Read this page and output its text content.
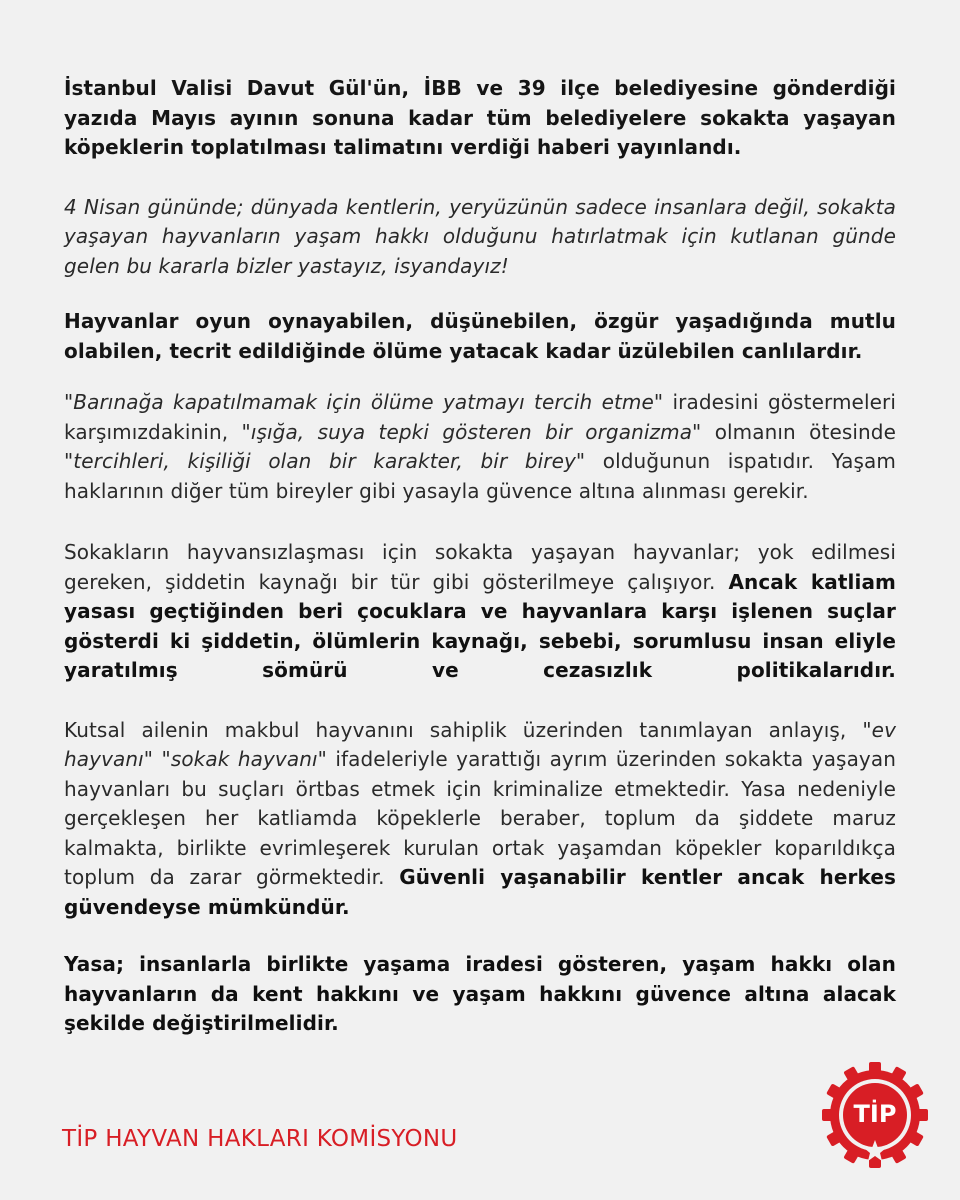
İstanbul Valisi Davut Gül'ün, İBB ve 39 ilçe belediyesine gönderdiği yazıda Mayıs ayının sonuna kadar tüm belediyelere sokakta yaşayan köpeklerin toplatılması talimatını verdiği haberi yayınlandı.

4 Nisan gününde; dünyada kentlerin, yeryüzünün sadece insanlara değil, sokakta yaşayan hayvanların yaşam hakkı olduğunu hatırlatmak için kutlanan günde gelen bu kararla bizler yastayız, isyandayız!

Hayvanlar oyun oynayabilen, düşünebilen, özgür yaşadığında mutlu olabilen, tecrit edildiğinde ölüme yatacak kadar üzülebilen canlılardır.

"Barınağa kapatılmamak için ölüme yatmayı tercih etme" iradesini göstermeleri karşımızdakinin, "ışığa, suya tepki gösteren bir organizma" olmanın ötesinde "tercihleri, kişiliği olan bir karakter, bir birey" olduğunun ispatıdır. Yaşam haklarının diğer tüm bireyler gibi yasayla güvence altına alınması gerekir.

Sokakların hayvansızlaşması için sokakta yaşayan hayvanlar; yok edilmesi gereken, şiddetin kaynağı bir tür gibi gösterilmeye çalışıyor. Ancak katliam yasası geçtiğinden beri çocuklara ve hayvanlara karşı işlenen suçlar gösterdi ki şiddetin, ölümlerin kaynağı, sebebi, sorumlusu insan eliyle yaratılmış sömürü ve cezasızlık politikalarıdır.

Kutsal ailenin makbul hayvanını sahiplik üzerinden tanımlayan anlayış, "ev hayvanı" "sokak hayvanı" ifadeleriyle yarattığı ayrım üzerinden sokakta yaşayan hayvanları bu suçları örtbas etmek için kriminalize etmektedir. Yasa nedeniyle gerçekleşen her katliamda köpeklerle beraber, toplum da şiddete maruz kalmakta, birlikte evrimleşerek kurulan ortak yaşamdan köpekler koparıldıkça toplum da zarar görmektedir. Güvenli yaşanabilir kentler ancak herkes güvendeyse mümkündür.

Yasa; insanlarla birlikte yaşama iradesi gösteren, yaşam hakkı olan hayvanların da kent hakkını ve yaşam hakkını güvence altına alacak şekilde değiştirilmelidir.

TİP HAYVAN HAKLARI KOMİSYONU
TİP
